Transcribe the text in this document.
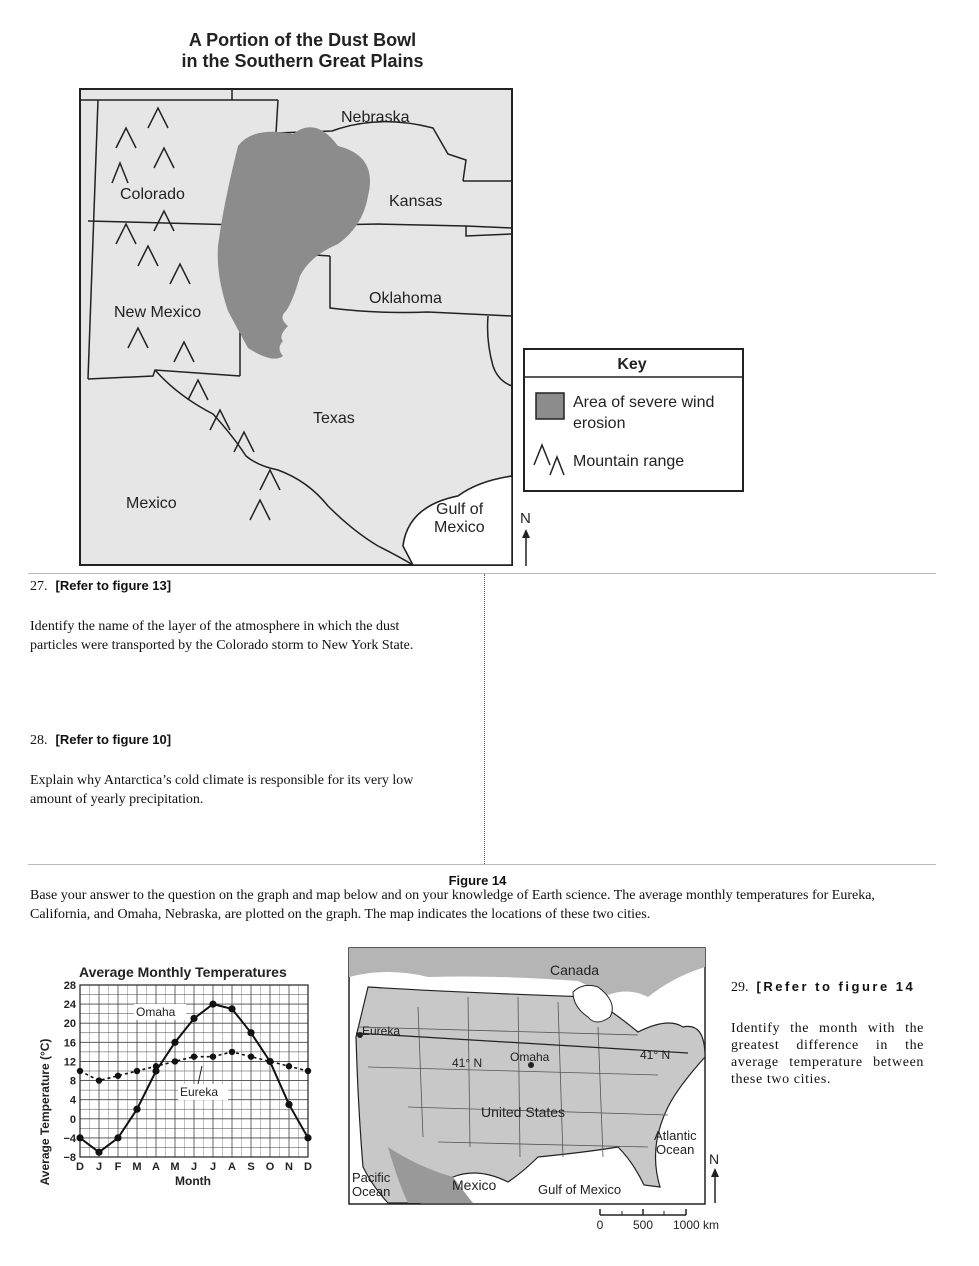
A Portion of the Dust Bowl
in the Southern Great Plains
Nebraska
Colorado	Kansas
Oklahoma
New Mexico
Texas
Mexico	Gulf of
Mexico
N
Key
Area of severe wind
erosion
Mountain range
27. [Refer to figure 13]
Identify the name of the layer of the atmosphere in which the dust particles were transported by the Colorado storm to New York State.
28. [Refer to figure 10]
Explain why Antarctica’s cold climate is responsible for its very low amount of yearly precipitation.
Figure 14
Base your answer to the question on the graph and map below and on your knowledge of Earth science. The average monthly temperatures for Eureka, California, and Omaha, Nebraska, are plotted on the graph. The map indicates the locations of these two cities.
Average Monthly Temperatures
28
24
20
16
12
8
4
0
−4
−8
D J F M A M J J A S O N D
Average Temperature (°C)	Month
Omaha
Eureka
Canada
Eureka
41° N Omaha	41° N
United States
Atlantic
Ocean
Pacific
Ocean	Mexico	Gulf of Mexico
N
0 500 1000 km
29. [Refer to figure 14
Identify the month with the greatest difference in the average temperature between these two cities.
